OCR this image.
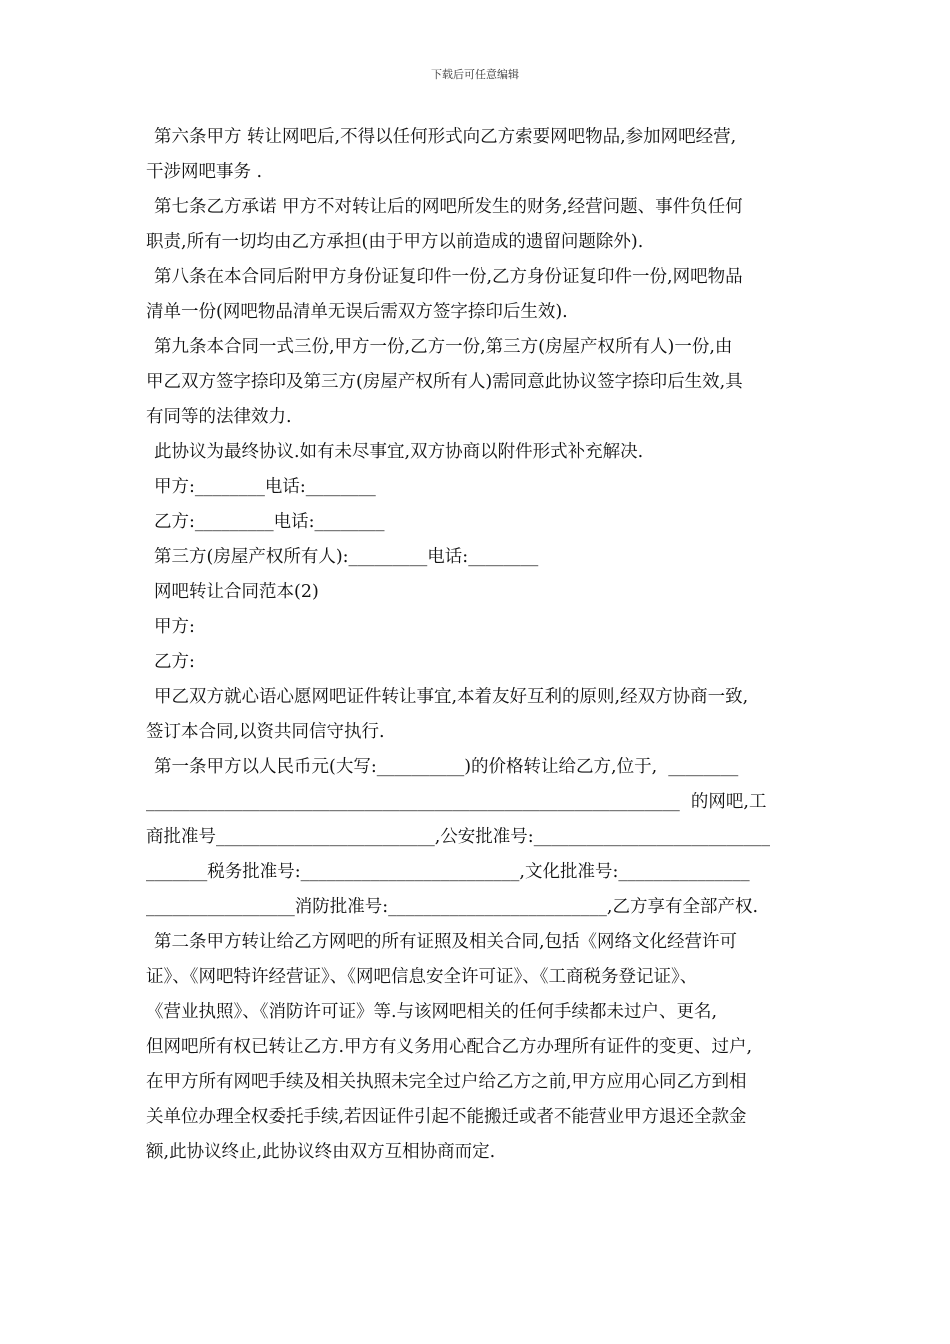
下载后可任意编辑
第六条甲方 转让网吧后,不得以任何形式向乙方索要网吧物品,参加网吧经营,
干涉网吧事务 .
第七条乙方承诺 甲方不对转让后的网吧所发生的财务,经营问题、事件负任何
职责,所有一切均由乙方承担(由于甲方以前造成的遗留问题除外).
第八条在本合同后附甲方身份证复印件一份,乙方身份证复印件一份,网吧物品
清单一份(网吧物品清单无误后需双方签字捺印后生效).
第九条本合同一式三份,甲方一份,乙方一份,第三方(房屋产权所有人)一份,由
甲乙双方签字捺印及第三方(房屋产权所有人)需同意此协议签字捺印后生效,具
有同等的法律效力.
此协议为最终协议.如有未尽事宜,双方协商以附件形式补充解决.
甲方:________电话:________
乙方:_________电话:________
第三方(房屋产权所有人):_________电话:________
网吧转让合同范本(2)
甲方:
乙方:
甲乙双方就心语心愿网吧证件转让事宜,本着友好互利的原则,经双方协商一致,
签订本合同,以资共同信守执行.
第一条甲方以人民币元(大写:__________)的价格转让给乙方,位于,  ________
_____________________________________________________________  的网吧,工
商批准号_________________________,公安批准号:___________________________
_______税务批准号:_________________________,文化批准号:_______________
_________________消防批准号:_________________________,乙方享有全部产权.
第二条甲方转让给乙方网吧的所有证照及相关合同,包括《网络文化经营许可
证》、《网吧特许经营证》、《网吧信息安全许可证》、《工商税务登记证》、
《营业执照》、《消防许可证》等.与该网吧相关的任何手续都未过户、更名,
但网吧所有权已转让乙方.甲方有义务用心配合乙方办理所有证件的变更、过户,
在甲方所有网吧手续及相关执照未完全过户给乙方之前,甲方应用心同乙方到相
关单位办理全权委托手续,若因证件引起不能搬迁或者不能营业甲方退还全款金
额,此协议终止,此协议终由双方互相协商而定.
